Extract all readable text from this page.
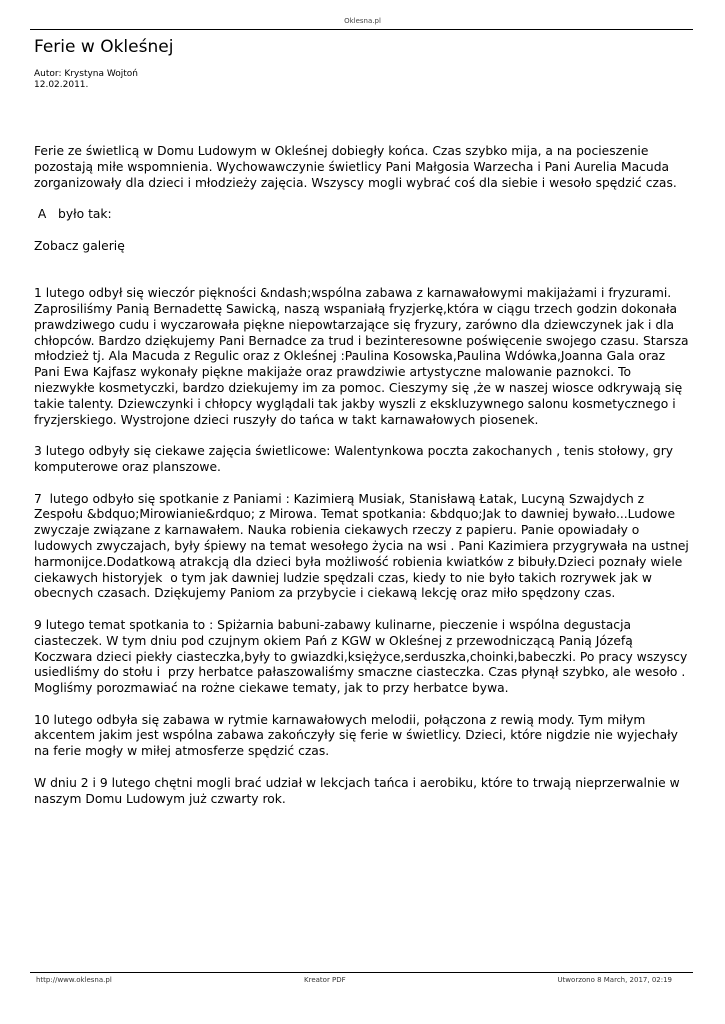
Oklesna.pl
Ferie w Okleśnej
Autor: Krystyna Wojtoń
12.02.2011.

Ferie ze świetlicą w Domu Ludowym w Okleśnej dobiegły końca. Czas szybko mija, a na pocieszenie pozostają miłe wspomnienia. Wychowawczynie świetlicy Pani Małgosia Warzecha i Pani Aurelia Macuda zorganizowały dla dzieci i młodzieży zajęcia. Wszyscy mogli wybrać coś dla siebie i wesoło spędzić czas.

A   było tak:

Zobacz galerię

1 lutego odbył się wieczór piękności &ndash;wspólna zabawa z karnawałowymi makijażami i fryzurami. Zaprosiliśmy Panią Bernadettę Sawicką, naszą wspaniałą fryzjerkę,która w ciągu trzech godzin dokonała prawdziwego cudu i wyczarowała piękne niepowtarzające się fryzury, zarówno dla dziewczynek jak i dla chłopców. Bardzo dziękujemy Pani Bernadce za trud i bezinteresowne poświęcenie swojego czasu. Starsza młodzież tj. Ala Macuda z Regulic oraz z Okleśnej :Paulina Kosowska,Paulina Wdówka,Joanna Gala oraz Pani Ewa Kajfasz wykonały piękne makijaże oraz prawdziwie artystyczne malowanie paznokci. To niezwykłe kosmetyczki, bardzo dziekujemy im za pomoc. Cieszymy się ,że w naszej wiosce odkrywają się takie talenty. Dziewczynki i chłopcy wyglądali tak jakby wyszli z ekskluzywnego salonu kosmetycznego i fryzjerskiego. Wystrojone dzieci ruszyły do tańca w takt karnawałowych piosenek.

3 lutego odbyły się ciekawe zajęcia świetlicowe: Walentynkowa poczta zakochanych , tenis stołowy, gry komputerowe oraz planszowe.

7  lutego odbyło się spotkanie z Paniami : Kazimierą Musiak, Stanisławą Łatak, Lucyną Szwajdych z Zespołu &bdquo;Mirowianie&rdquo; z Mirowa. Temat spotkania: &bdquo;Jak to dawniej bywało...Ludowe zwyczaje związane z karnawałem. Nauka robienia ciekawych rzeczy z papieru. Panie opowiadały o ludowych zwyczajach, były śpiewy na temat wesołego życia na wsi . Pani Kazimiera przygrywała na ustnej harmonijce.Dodatkową atrakcją dla dzieci była możliwość robienia kwiatków z bibuły.Dzieci poznały wiele ciekawych historyjek  o tym jak dawniej ludzie spędzali czas, kiedy to nie było takich rozrywek jak w obecnych czasach. Dziękujemy Paniom za przybycie i ciekawą lekcję oraz miło spędzony czas.

9 lutego temat spotkania to : Spiżarnia babuni-zabawy kulinarne, pieczenie i wspólna degustacja ciasteczek. W tym dniu pod czujnym okiem Pań z KGW w Okleśnej z przewodniczącą Panią Józefą Koczwara dzieci piekły ciasteczka,były to gwiazdki,księżyce,serduszka,choinki,babeczki. Po pracy wszyscy usiedliśmy do stołu i  przy herbatce pałaszowaliśmy smaczne ciasteczka. Czas płynął szybko, ale wesoło . Mogliśmy porozmawiać na rożne ciekawe tematy, jak to przy herbatce bywa.

10 lutego odbyła się zabawa w rytmie karnawałowych melodii, połączona z rewią mody. Tym miłym akcentem jakim jest wspólna zabawa zakończyły się ferie w świetlicy. Dzieci, które nigdzie nie wyjechały na ferie mogły w miłej atmosferze spędzić czas.

W dniu 2 i 9 lutego chętni mogli brać udział w lekcjach tańca i aerobiku, które to trwają nieprzerwalnie w naszym Domu Ludowym już czwarty rok.

http://www.oklesna.pl	Kreator PDF	Utworzono 8 March, 2017, 02:19
